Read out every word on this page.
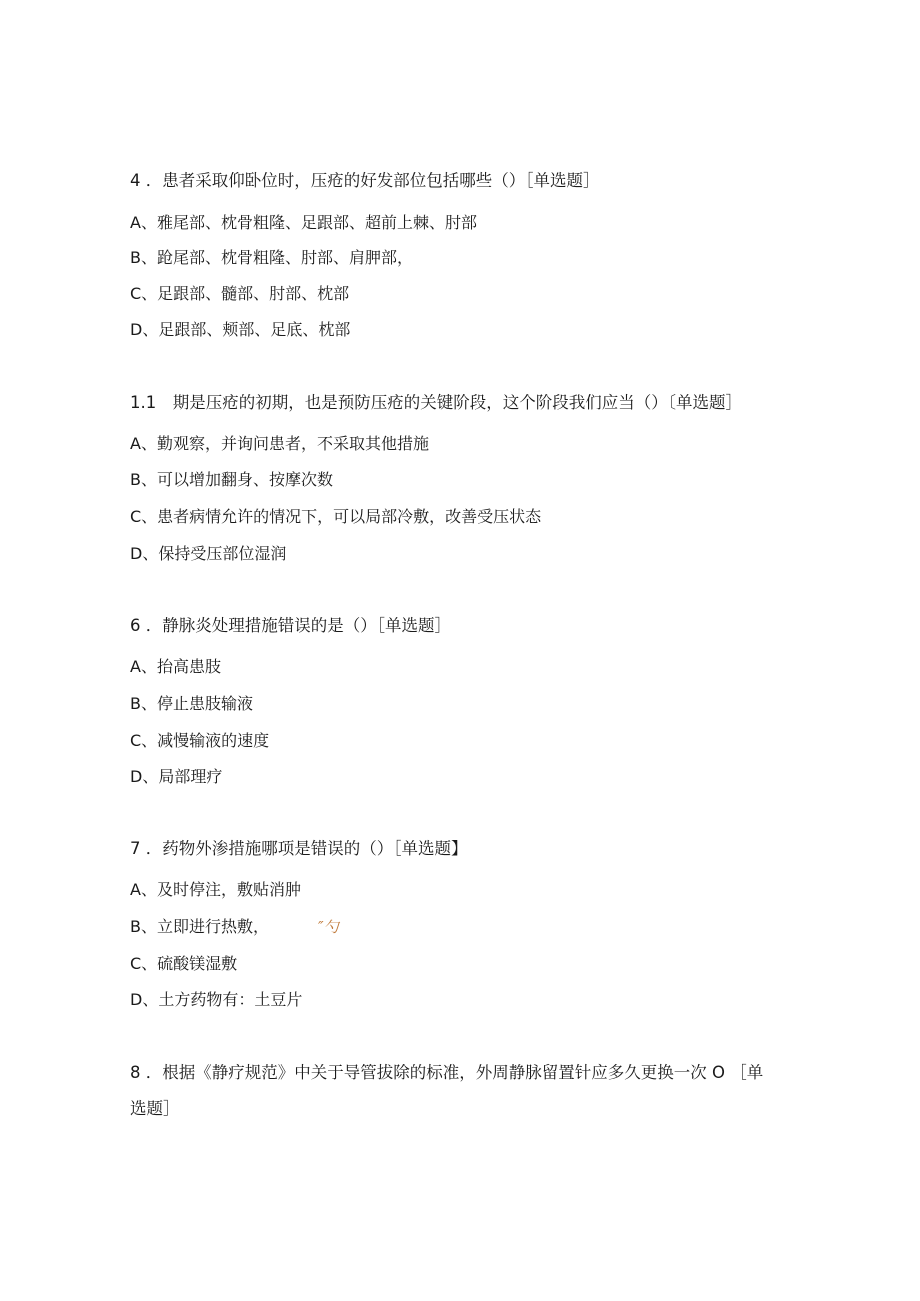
4 ．患者采取仰卧位时，压疮的好发部位包括哪些（）［单选题］
A、雅尾部、枕骨粗隆、足跟部、超前上棘、肘部
B、跄尾部、枕骨粗隆、肘部、肩胛部，
C、足跟部、髓部、肘部、枕部
D、足跟部、颊部、足底、枕部
1.1　期是压疮的初期，也是预防压疮的关键阶段，这个阶段我们应当（）〔单选题］
A、勤观察，并询问患者，不采取其他措施
B、可以增加翻身、按摩次数
C、患者病情允许的情况下，可以局部冷敷，改善受压状态
D、保持受压部位湿润
6 ．静脉炎处理措施错误的是（）［单选题］
A、抬高患肢
B、停止患肢输液
C、减慢输液的速度
D、局部理疗
7 ．药物外渗措施哪项是错误的（）［单选题】
A、及时停注，敷贴消肿
B、立即进行热敷，	″勺
C、硫酸镁湿敷
D、土方药物有：土豆片
8 ．根据《静疗规范》中关于导管拔除的标准，外周静脉留置针应多久更换一次 O ［单
选题］
